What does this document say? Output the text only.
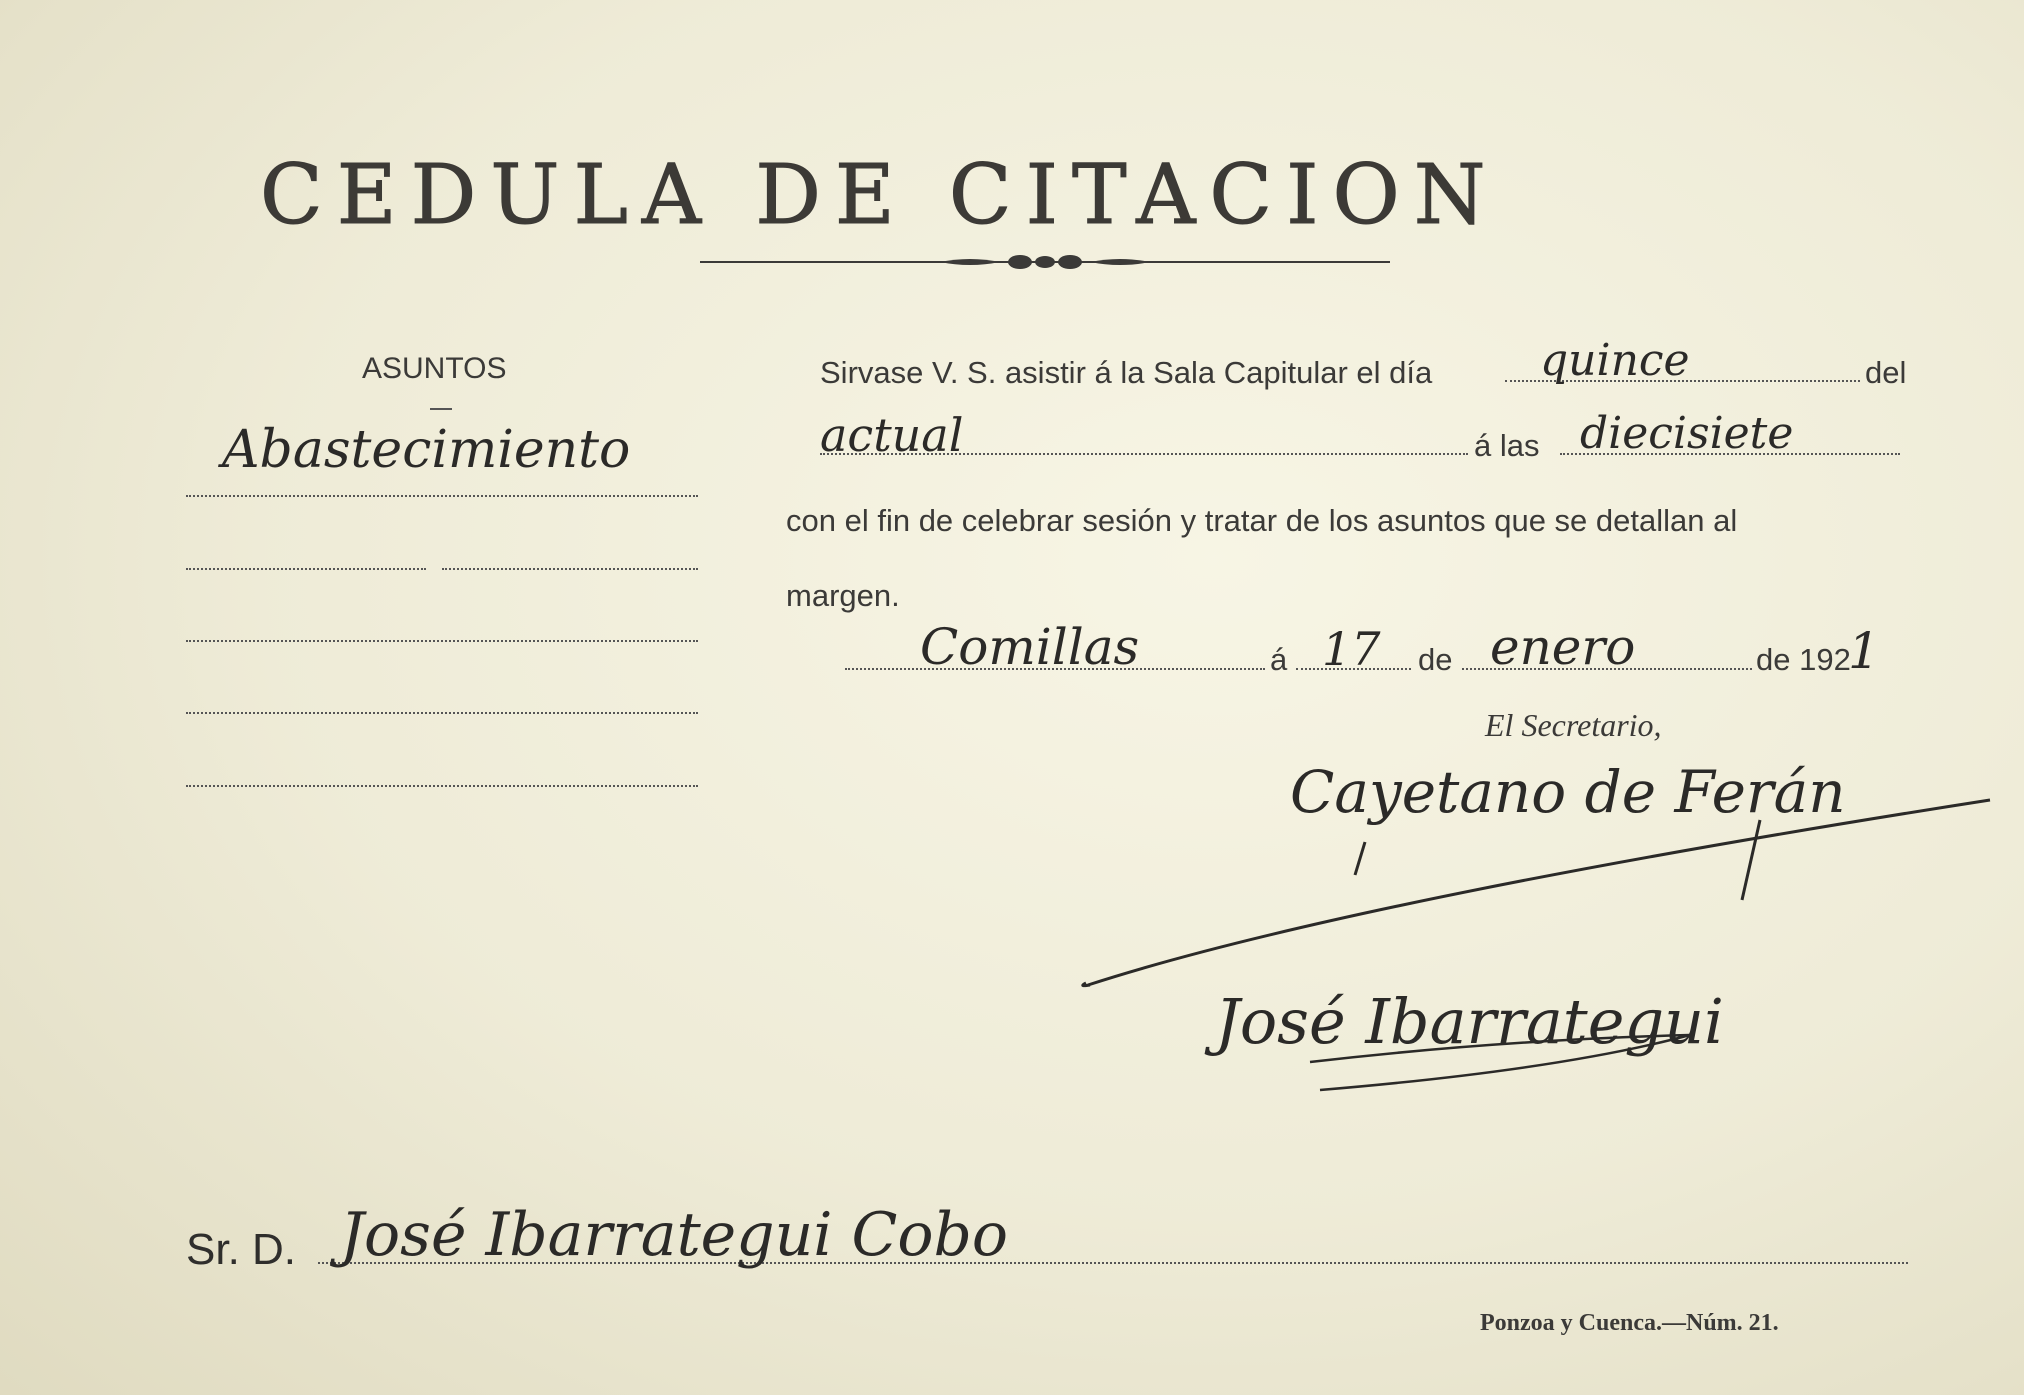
CEDULA DE CITACION
ASUNTOS
Abastecimiento
Sirvase V. S. asistir á la Sala Capitular el día quince	del
actual	á las diecisiete
con el fin de celebrar sesión y tratar de los asuntos que se detallan al
margen.
Comillas	á 17 de enero	de 192
1
El Secretario,
Cayetano de Ferán
José Ibarrategui
Sr. D. José Ibarrategui Cobo
Ponzoa y Cuenca.—Núm. 21.
